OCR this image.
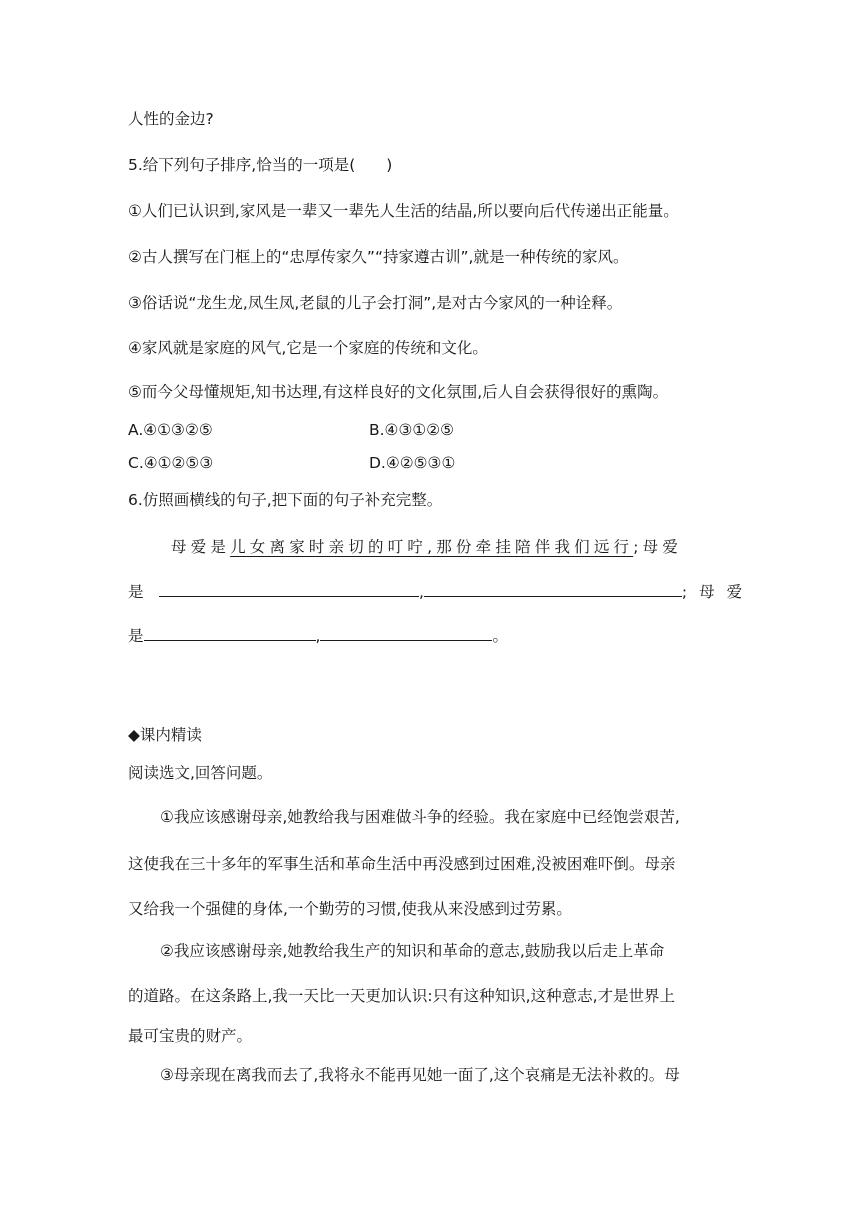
人性的金边?
5.给下列句子排序,恰当的一项是(　　)
①人们已认识到,家风是一辈又一辈先人生活的结晶,所以要向后代传递出正能量。
②古人撰写在门框上的“忠厚传家久”“持家遵古训”,就是一种传统的家风。
③俗话说“龙生龙,凤生凤,老鼠的儿子会打洞”,是对古今家风的一种诠释。
④家风就是家庭的风气,它是一个家庭的传统和文化。
⑤而今父母懂规矩,知书达理,有这样良好的文化氛围,后人自会获得很好的熏陶。
A.④①③②⑤	B.④③①②⑤
C.④①②⑤③	D.④②⑤③①
6.仿照画横线的句子,把下面的句子补充完整。
母爱是儿女离家时亲切的叮咛,那份牵挂陪伴我们远行;母爱
是	,	;母爱
是	,	。
◆课内精读
阅读选文,回答问题。
①我应该感谢母亲,她教给我与困难做斗争的经验。我在家庭中已经饱尝艰苦,
这使我在三十多年的军事生活和革命生活中再没感到过困难,没被困难吓倒。母亲
又给我一个强健的身体,一个勤劳的习惯,使我从来没感到过劳累。
②我应该感谢母亲,她教给我生产的知识和革命的意志,鼓励我以后走上革命
的道路。在这条路上,我一天比一天更加认识:只有这种知识,这种意志,才是世界上
最可宝贵的财产。
③母亲现在离我而去了,我将永不能再见她一面了,这个哀痛是无法补救的。母
